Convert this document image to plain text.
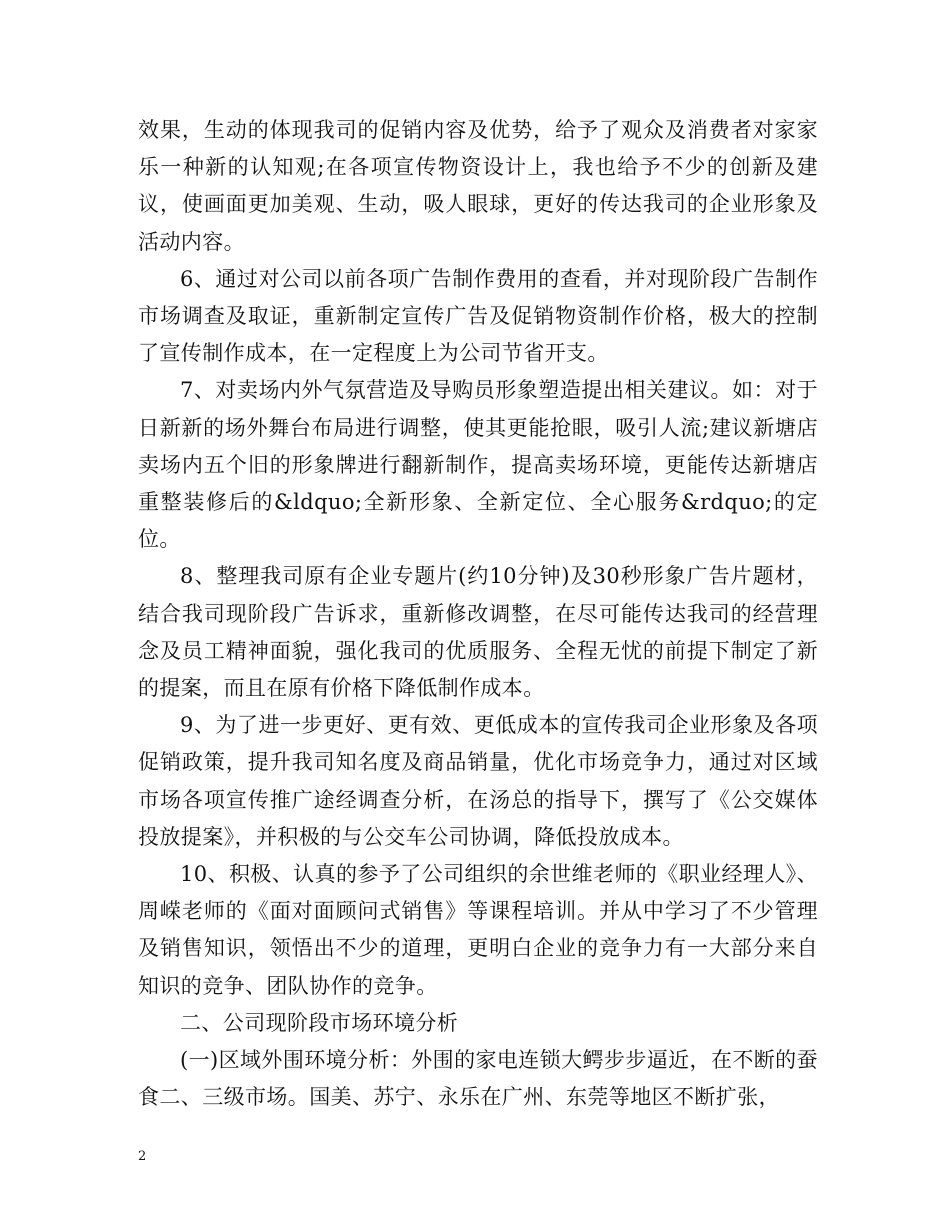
效果，生动的体现我司的促销内容及优势，给予了观众及消费者对家家乐一种新的认知观;在各项宣传物资设计上，我也给予不少的创新及建议，使画面更加美观、生动，吸人眼球，更好的传达我司的企业形象及活动内容。

6、通过对公司以前各项广告制作费用的查看，并对现阶段广告制作市场调查及取证，重新制定宣传广告及促销物资制作价格，极大的控制了宣传制作成本，在一定程度上为公司节省开支。

7、对卖场内外气氛营造及导购员形象塑造提出相关建议。如：对于日新新的场外舞台布局进行调整，使其更能抢眼，吸引人流;建议新塘店卖场内五个旧的形象牌进行翻新制作，提高卖场环境，更能传达新塘店重整装修后的&ldquo;全新形象、全新定位、全心服务&rdquo;的定位。

8、整理我司原有企业专题片(约10分钟)及30秒形象广告片题材，结合我司现阶段广告诉求，重新修改调整，在尽可能传达我司的经营理念及员工精神面貌，强化我司的优质服务、全程无忧的前提下制定了新的提案，而且在原有价格下降低制作成本。

9、为了进一步更好、更有效、更低成本的宣传我司企业形象及各项促销政策，提升我司知名度及商品销量，优化市场竞争力，通过对区域市场各项宣传推广途经调查分析，在汤总的指导下，撰写了《公交媒体投放提案》，并积极的与公交车公司协调，降低投放成本。

10、积极、认真的参予了公司组织的余世维老师的《职业经理人》、周嵘老师的《面对面顾问式销售》等课程培训。并从中学习了不少管理及销售知识，领悟出不少的道理，更明白企业的竞争力有一大部分来自知识的竞争、团队协作的竞争。

二、公司现阶段市场环境分析

(一)区域外围环境分析：外围的家电连锁大鳄步步逼近，在不断的蚕食二、三级市场。国美、苏宁、永乐在广州、东莞等地区不断扩张，

2
